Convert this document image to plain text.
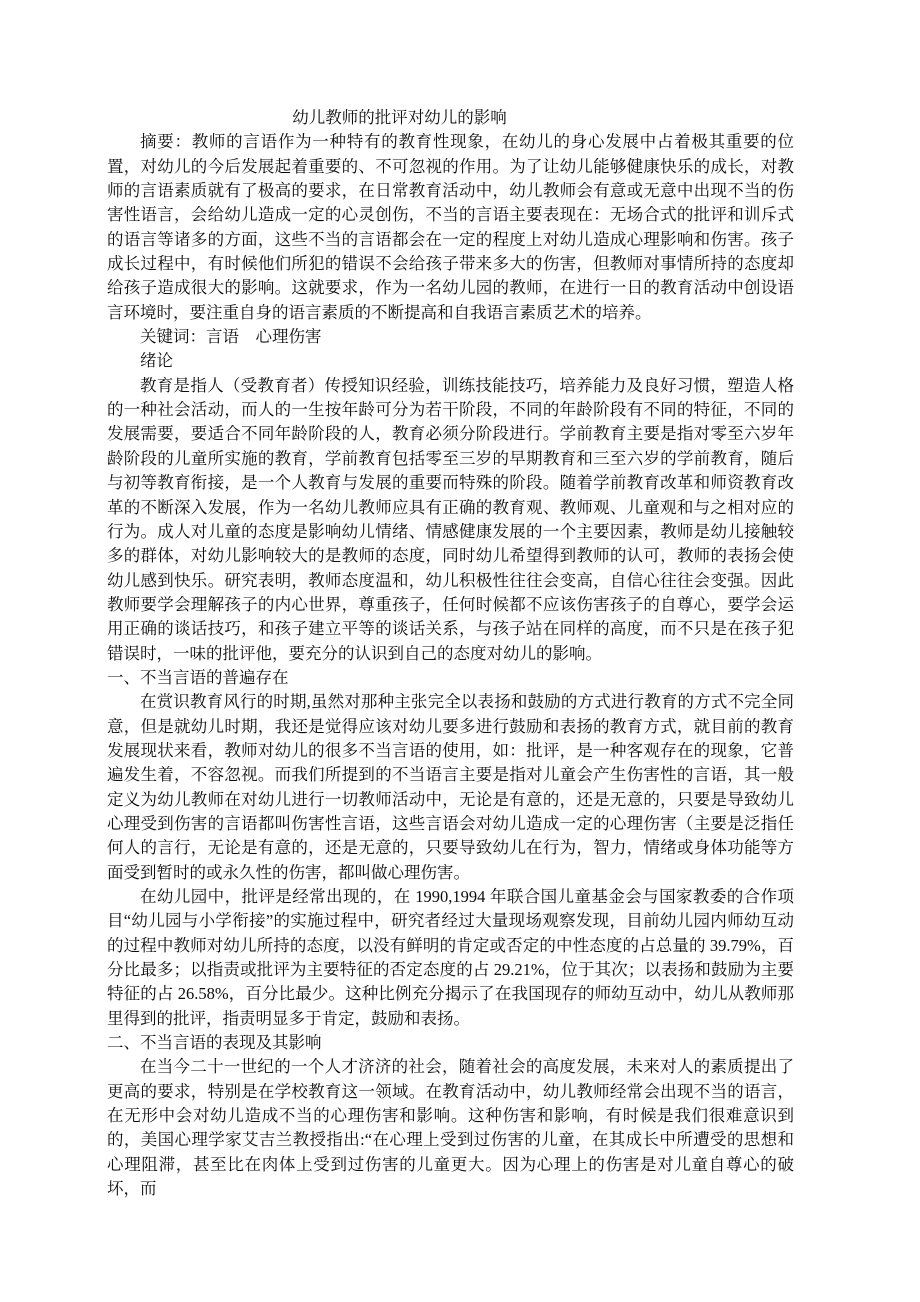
幼儿教师的批评对幼儿的影响

摘要：教师的言语作为一种特有的教育性现象，在幼儿的身心发展中占着极其重要的位置，对幼儿的今后发展起着重要的、不可忽视的作用。为了让幼儿能够健康快乐的成长，对教师的言语素质就有了极高的要求，在日常教育活动中，幼儿教师会有意或无意中出现不当的伤害性语言，会给幼儿造成一定的心灵创伤，不当的言语主要表现在：无场合式的批评和训斥式的语言等诸多的方面，这些不当的言语都会在一定的程度上对幼儿造成心理影响和伤害。孩子成长过程中，有时候他们所犯的错误不会给孩子带来多大的伤害，但教师对事情所持的态度却给孩子造成很大的影响。这就要求，作为一名幼儿园的教师，在进行一日的教育活动中创设语言环境时，要注重自身的语言素质的不断提高和自我语言素质艺术的培养。

关键词：言语　心理伤害

绪论

教育是指人（受教育者）传授知识经验，训练技能技巧，培养能力及良好习惯，塑造人格的一种社会活动，而人的一生按年龄可分为若干阶段，不同的年龄阶段有不同的特征，不同的发展需要，要适合不同年龄阶段的人，教育必须分阶段进行。学前教育主要是指对零至六岁年龄阶段的儿童所实施的教育，学前教育包括零至三岁的早期教育和三至六岁的学前教育，随后与初等教育衔接，是一个人教育与发展的重要而特殊的阶段。随着学前教育改革和师资教育改革的不断深入发展，作为一名幼儿教师应具有正确的教育观、教师观、儿童观和与之相对应的行为。成人对儿童的态度是影响幼儿情绪、情感健康发展的一个主要因素，教师是幼儿接触较多的群体，对幼儿影响较大的是教师的态度，同时幼儿希望得到教师的认可，教师的表扬会使幼儿感到快乐。研究表明，教师态度温和，幼儿积极性往往会变高，自信心往往会变强。因此教师要学会理解孩子的内心世界，尊重孩子，任何时候都不应该伤害孩子的自尊心，要学会运用正确的谈话技巧，和孩子建立平等的谈话关系，与孩子站在同样的高度，而不只是在孩子犯错误时，一味的批评他，要充分的认识到自己的态度对幼儿的影响。

一、不当言语的普遍存在

在赏识教育风行的时期,虽然对那种主张完全以表扬和鼓励的方式进行教育的方式不完全同意，但是就幼儿时期，我还是觉得应该对幼儿要多进行鼓励和表扬的教育方式，就目前的教育发展现状来看，教师对幼儿的很多不当言语的使用，如：批评，是一种客观存在的现象，它普遍发生着，不容忽视。而我们所提到的不当语言主要是指对儿童会产生伤害性的言语，其一般定义为幼儿教师在对幼儿进行一切教师活动中，无论是有意的，还是无意的，只要是导致幼儿心理受到伤害的言语都叫伤害性言语，这些言语会对幼儿造成一定的心理伤害（主要是泛指任何人的言行，无论是有意的，还是无意的，只要导致幼儿在行为，智力，情绪或身体功能等方面受到暂时的或永久性的伤害，都叫做心理伤害。

在幼儿园中，批评是经常出现的，在 1990,1994 年联合国儿童基金会与国家教委的合作项目“幼儿园与小学衔接”的实施过程中，研究者经过大量现场观察发现，目前幼儿园内师幼互动的过程中教师对幼儿所持的态度，以没有鲜明的肯定或否定的中性态度的占总量的 39.79%，百分比最多；以指责或批评为主要特征的否定态度的占 29.21%，位于其次；以表扬和鼓励为主要特征的占 26.58%，百分比最少。这种比例充分揭示了在我国现存的师幼互动中，幼儿从教师那里得到的批评，指责明显多于肯定，鼓励和表扬。

二、不当言语的表现及其影响

在当今二十一世纪的一个人才济济的社会，随着社会的高度发展，未来对人的素质提出了更高的要求，特别是在学校教育这一领域。在教育活动中，幼儿教师经常会出现不当的语言，在无形中会对幼儿造成不当的心理伤害和影响。这种伤害和影响，有时候是我们很难意识到的，美国心理学家艾吉兰教授指出:“在心理上受到过伤害的儿童，在其成长中所遭受的思想和心理阻滞，甚至比在肉体上受到过伤害的儿童更大。因为心理上的伤害是对儿童自尊心的破坏，而
